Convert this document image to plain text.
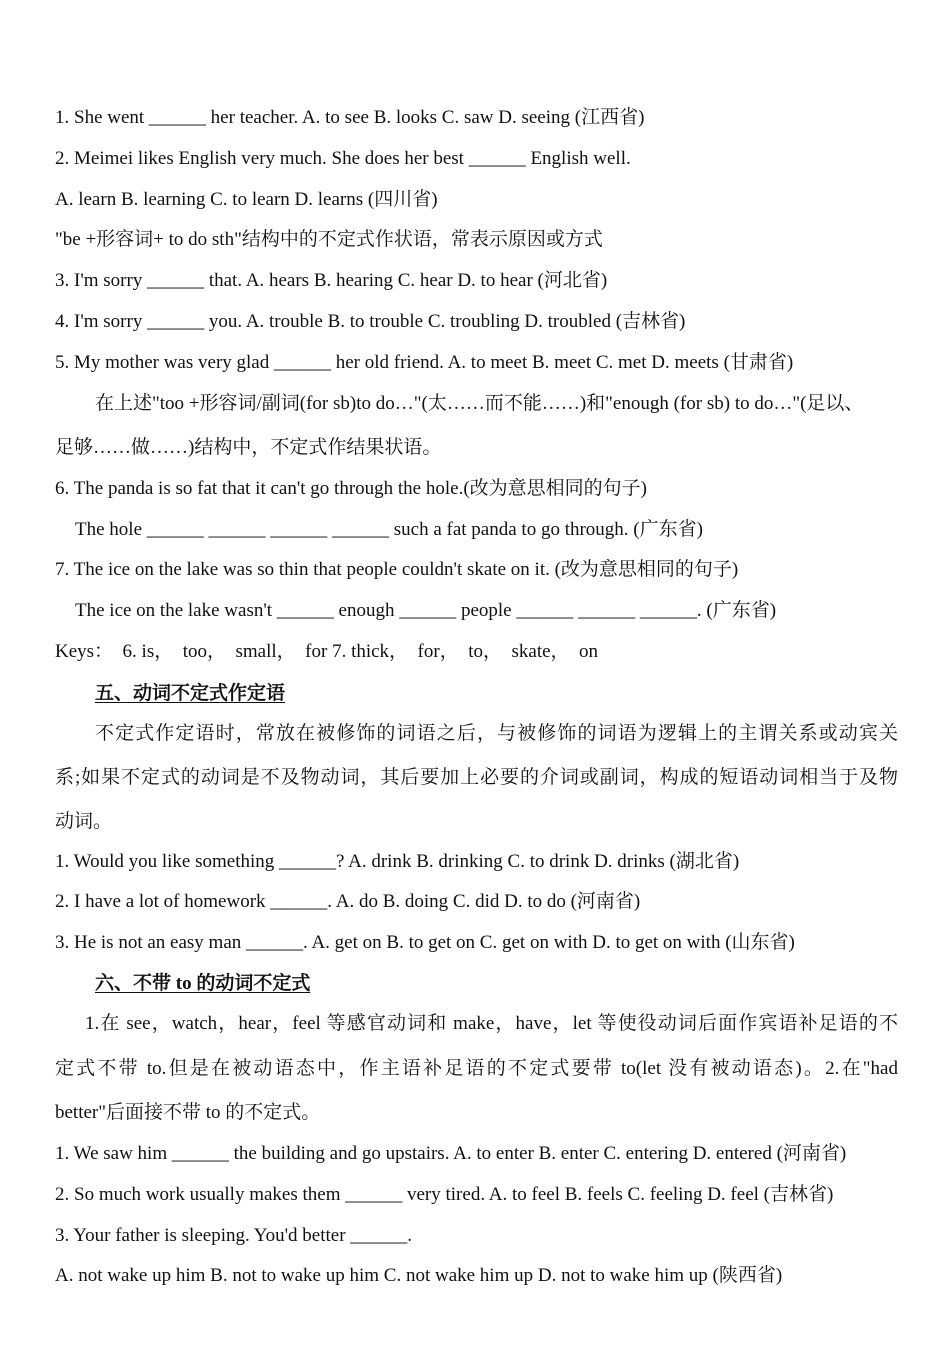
1. She went ______ her teacher. A. to see B. looks C. saw D. seeing (江西省)
2. Meimei likes English very much. She does her best ______ English well.
A. learn B. learning C. to learn D. learns (四川省)
"be +形容词+ to do sth"结构中的不定式作状语，常表示原因或方式
3. I'm sorry ______ that. A. hears B. hearing C. hear D. to hear (河北省)
4. I'm sorry ______ you. A. trouble B. to trouble C. troubling D. troubled (吉林省)
5. My mother was very glad ______ her old friend. A. to meet B. meet C. met D. meets (甘肃省)
在上述"too +形容词/副词(for sb)to do…"(太……而不能……)和"enough (for sb) to do…"(足以、
足够……做……)结构中，不定式作结果状语。
6. The panda is so fat that it can't go through the hole.(改为意思相同的句子)
The hole ______ ______ ______ ______ such a fat panda to go through. (广东省)
7. The ice on the lake was so thin that people couldn't skate on it. (改为意思相同的句子)
The ice on the lake wasn't ______ enough ______ people ______ ______ ______. (广东省)
Keys：  6. is，  too，  small，  for 7. thick，  for，  to，  skate，  on
五、动词不定式作定语
不定式作定语时，常放在被修饰的词语之后，与被修饰的词语为逻辑上的主谓关系或动宾关
系;如果不定式的动词是不及物动词，其后要加上必要的介词或副词，构成的短语动词相当于及物
动词。
1. Would you like something ______? A. drink B. drinking C. to drink D. drinks (湖北省)
2. I have a lot of homework ______. A. do B. doing C. did D. to do (河南省)
3. He is not an easy man ______. A. get on B. to get on C. get on with D. to get on with (山东省)
六、不带 to 的动词不定式
1.在 see，watch，hear，feel 等感官动词和 make，have，let 等使役动词后面作宾语补足语的不
定式不带 to.但是在被动语态中，作主语补足语的不定式要带 to(let 没有被动语态)。2.在"had
better"后面接不带 to 的不定式。
1. We saw him ______ the building and go upstairs. A. to enter B. enter C. entering D. entered (河南省)
2. So much work usually makes them ______ very tired. A. to feel B. feels C. feeling D. feel (吉林省)
3. Your father is sleeping. You'd better ______.
A. not wake up him B. not to wake up him C. not wake him up D. not to wake him up (陕西省)
